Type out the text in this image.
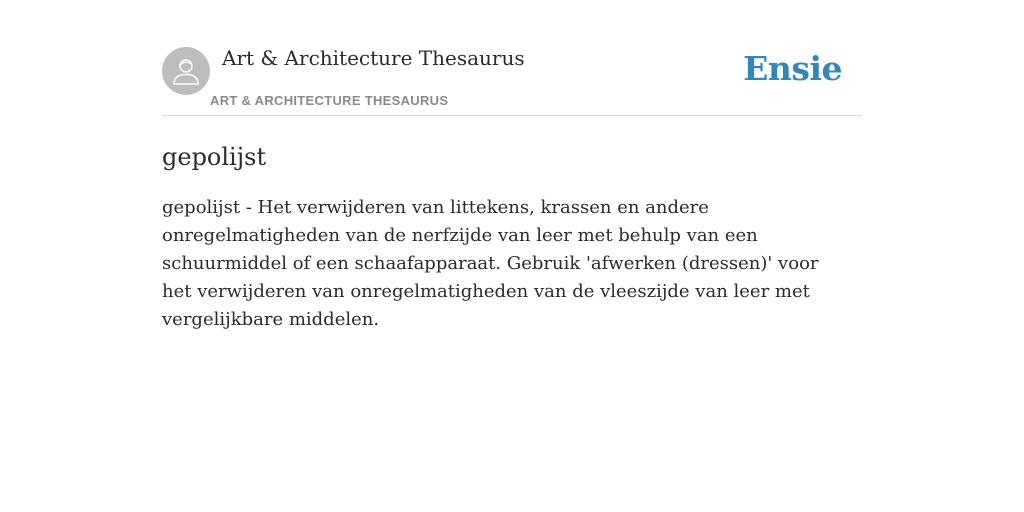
Art & Architecture Thesaurus
ART & ARCHITECTURE THESAURUS
Ensie
gepolijst

gepolijst - Het verwijderen van littekens, krassen en andere onregelmatigheden van de nerfzijde van leer met behulp van een schuurmiddel of een schaafapparaat. Gebruik 'afwerken (dressen)' voor het verwijderen van onregelmatigheden van de vleeszijde van leer met vergelijkbare middelen.
